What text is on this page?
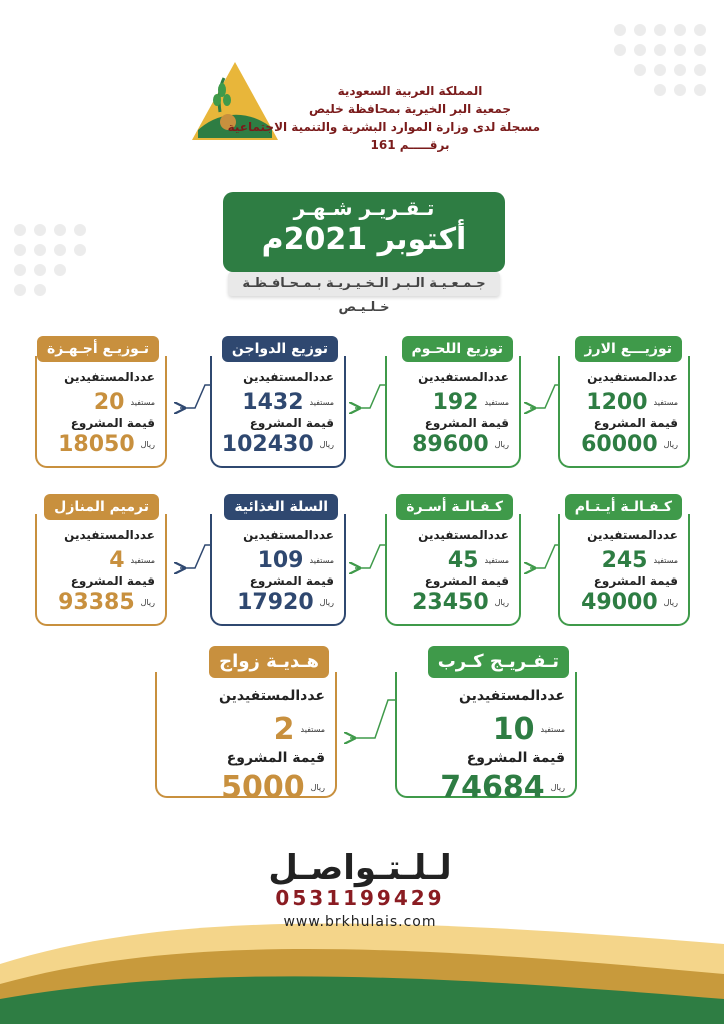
المملكة العربية السعودية
جمعية البر الخيرية بمحافظة خليص
مسجلة لدى وزارة الموارد البشرية والتنمية الاجتماعية
برقـــــم 161
تـقـريـر شـهـر
أكتوبر 2021م
جـمـعـيـة الـبـر الـخـيـريـة بـمـحـافـظـة خـلـيـص
توزيـــع الارز
عددالمستفيدين
1200 مستفيد
قيمة المشروع
60000 ريال
توزيع اللحـوم
عددالمستفيدين
192 مستفيد
قيمة المشروع
89600 ريال
توزيع الدواجن
عددالمستفيدين
1432 مستفيد
قيمة المشروع
102430 ريال
تـوزيـع أجـهـزة
عددالمستفيدين
20 مستفيد
قيمة المشروع
18050 ريال
كـفـالـة أيـتـام
عددالمستفيدين
245 مستفيد
قيمة المشروع
49000 ريال
كـفـالـة أسـرة
عددالمستفيدين
45 مستفيد
قيمة المشروع
23450 ريال
السلة الغذائية
عددالمستفيدين
109 مستفيد
قيمة المشروع
17920 ريال
ترميم المنازل
عددالمستفيدين
4 مستفيد
قيمة المشروع
93385 ريال
تـفـريـج كـرب
عددالمستفيدين
10 مستفيد
قيمة المشروع
74684 ريال
هـديـة زواج
عددالمستفيدين
2 مستفيد
قيمة المشروع
5000 ريال
لـلـتـواصـل
0531199429
www.brkhulais.com
